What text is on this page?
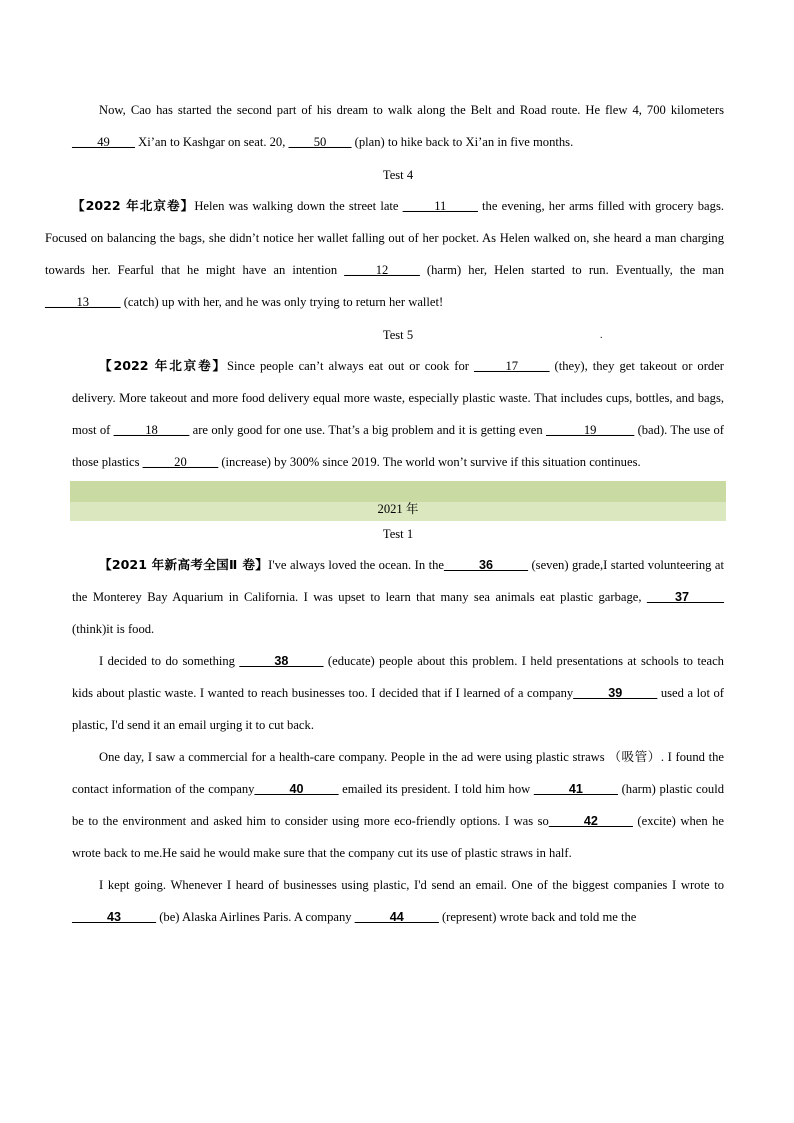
Now, Cao has started the second part of his dream to walk along the Belt and Road route. He flew 4, 700 kilometers ____49____ Xi’an to Kashgar on seat. 20, ____50____ (plan) to hike back to Xi’an in five months.

Test 4

【2022 年北京卷】Helen was walking down the street late _____11_____ the evening, her arms filled with grocery bags. Focused on balancing the bags, she didn’t notice her wallet falling out of her pocket. As Helen walked on, she heard a man charging towards her. Fearful that he might have an intention _____12_____ (harm) her, Helen started to run. Eventually, the man _____13_____ (catch) up with her, and he was only trying to return her wallet!

Test 5

【2022 年北京卷】Since people can’t always eat out or cook for _____17_____ (they), they get takeout or order delivery. More takeout and more food delivery equal more waste, especially plastic waste. That includes cups, bottles, and bags, most of _____18_____ are only good for one use. That’s a big problem and it is getting even ______19______ (bad). The use of those plastics _____20_____ (increase) by 300% since 2019. The world won’t survive if this situation continues.

2021 年

Test 1

【2021 年新高考全国Ⅱ 卷】I've always loved the ocean. In the_____36_____ (seven) grade,I started volunteering at the Monterey Bay Aquarium in California. I was upset to learn that many sea animals eat plastic garbage, ____37_____ (think)it is food.

I decided to do something _____38_____ (educate) people about this problem. I held presentations at schools to teach kids about plastic waste. I wanted to reach businesses too. I decided that if I learned of a company_____39_____ used a lot of plastic, I'd send it an email urging it to cut back.

One day, I saw a commercial for a health-care company. People in the ad were using plastic straws （吸管）. I found the contact information of the company_____40_____ emailed its president. I told him how _____41_____ (harm) plastic could be to the environment and asked him to consider using more eco-friendly options. I was so_____42_____ (excite) when he wrote back to me.He said he would make sure that the company cut its use of plastic straws in half.

I kept going. Whenever I heard of businesses using plastic, I'd send an email. One of the biggest companies I wrote to _____43_____ (be) Alaska Airlines Paris. A company _____44_____ (represent) wrote back and told me the

.
